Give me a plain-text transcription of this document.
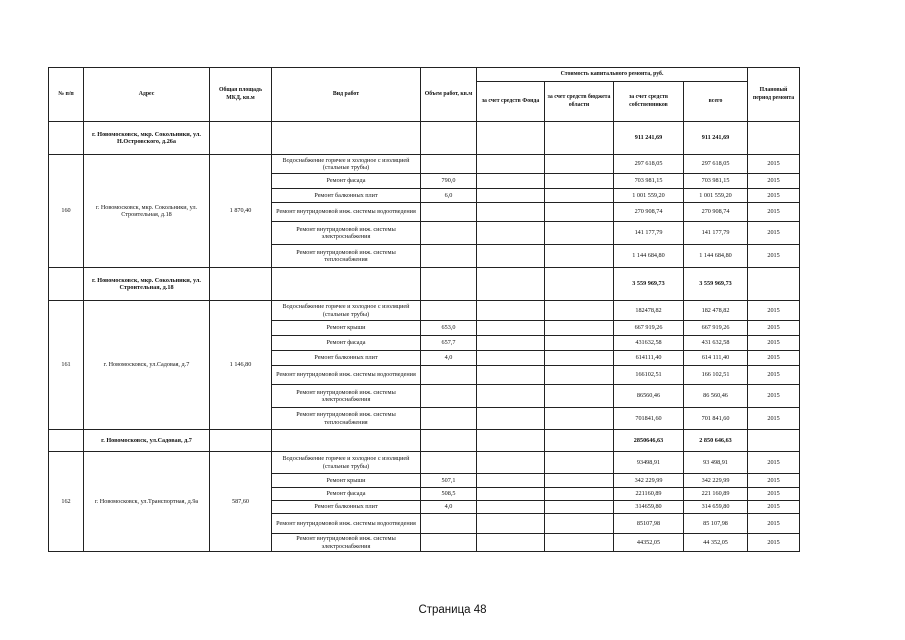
№ п/п	Адрес	Общая площадь МКД, кв.м	Вид работ	Объем работ, кв.м	Стоимость капитального ремонта, руб.				Плановый период ремонта
					за счет средств Фонда	за счет средств бюджета области	за счет средств собственников	всего	
	г. Новомосковск, мкр. Сокольники, ул. Н.Островского, д.26а						911 241,69	911 241,69	
160	г. Новомосковск, мкр. Сокольники, ул. Строительная, д.18	1 870,40	Водоснабжение горячее и холодное с изоляцией (стальные трубы)				297 618,05	297 618,05	2015
			Ремонт фасада	790,0			703 981,15	703 981,15	2015
			Ремонт балконных плит	6,0			1 001 559,20	1 001 559,20	2015
			Ремонт внутридомовой инж. системы водоотведения				270 908,74	270 908,74	2015
			Ремонт внутридомовой инж. системы электроснабжения				141 177,79	141 177,79	2015
			Ремонт внутридомовой инж. системы теплоснабжения				1 144 684,80	1 144 684,80	2015
	г. Новомосковск, мкр. Сокольники, ул. Строительная, д.18						3 559 969,73	3 559 969,73	
161	г. Новомосковск, ул.Садовая, д.7	1 146,80	Водоснабжение горячее и холодное с изоляцией (стальные трубы)				182478,82	182 478,82	2015
			Ремонт крыши	653,0			667 919,26	667 919,26	2015
			Ремонт фасада	657,7			431632,58	431 632,58	2015
			Ремонт балконных плит	4,0			614111,40	614 111,40	2015
			Ремонт внутридомовой инж. системы водоотведения				166102,51	166 102,51	2015
			Ремонт внутридомовой инж. системы электроснабжения				86560,46	86 560,46	2015
			Ремонт внутридомовой инж. системы теплоснабжения				701841,60	701 841,60	2015
	г. Новомосковск, ул.Садовая, д.7						2850646,63	2 850 646,63	
162	г. Новомосковск, ул.Транспортная, д.9а	587,60	Водоснабжение горячее и холодное с изоляцией (стальные трубы)				93498,91	93 498,91	2015
			Ремонт крыши	507,1			342 229,99	342 229,99	2015
			Ремонт фасада	508,5			221160,89	221 160,89	2015
			Ремонт балконных плит	4,0			314659,80	314 659,80	2015
			Ремонт внутридомовой инж. системы водоотведения				85107,98	85 107,98	2015
			Ремонт внутридомовой инж. системы электроснабжения				44352,05	44 352,05	2015
Страница 48
